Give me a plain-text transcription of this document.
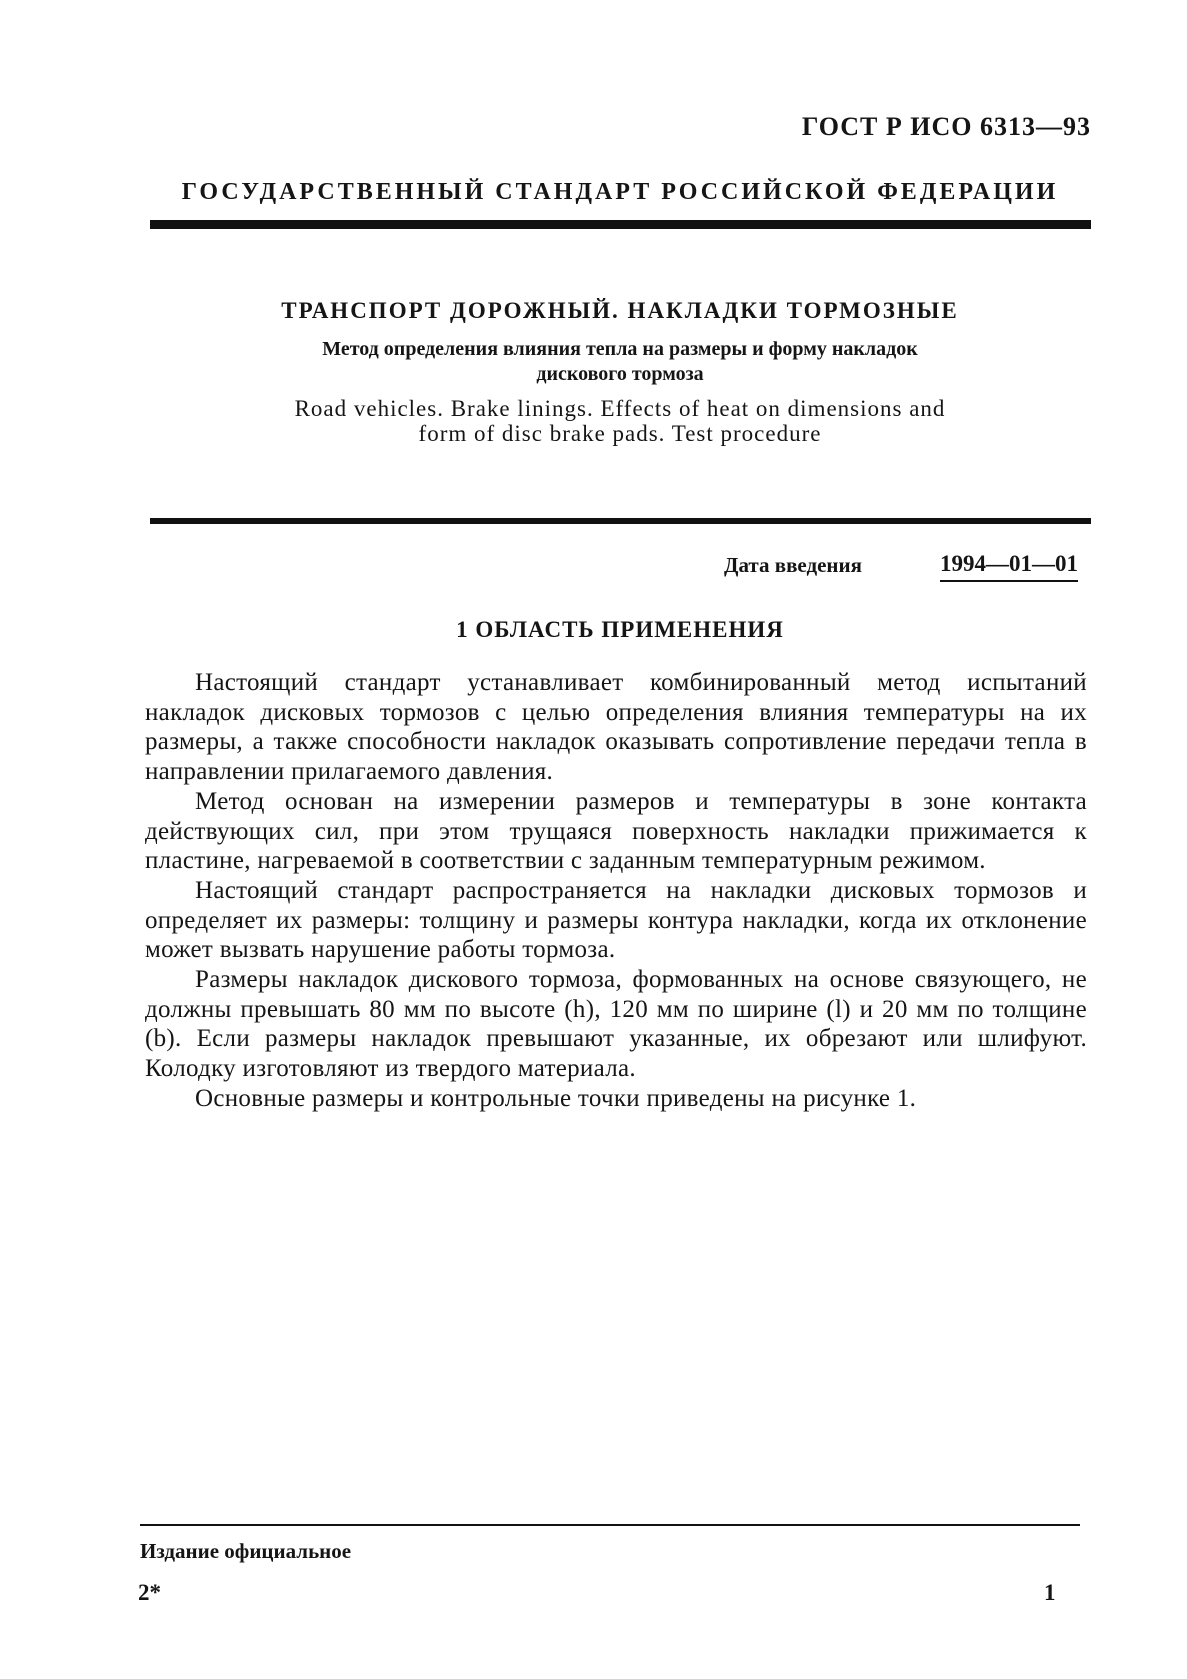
ГОСТ Р ИСО 6313—93
ГОСУДАРСТВЕННЫЙ СТАНДАРТ РОССИЙСКОЙ ФЕДЕРАЦИИ
ТРАНСПОРТ ДОРОЖНЫЙ. НАКЛАДКИ ТОРМОЗНЫЕ
Метод определения влияния тепла на размеры и форму накладок
дискового тормоза
Road vehicles. Brake linings. Effects of heat on dimensions and
form of disc brake pads. Test procedure
Дата введения	1994—01—01
1 ОБЛАСТЬ ПРИМЕНЕНИЯ

Настоящий стандарт устанавливает комбинированный метод испытаний накладок дисковых тормозов с целью определения влияния температуры на их размеры, а также способности накладок оказывать сопротивление передачи тепла в направлении прилагаемого давления.

Метод основан на измерении размеров и температуры в зоне контакта действующих сил, при этом трущаяся поверхность накладки прижимается к пластине, нагреваемой в соответствии с заданным температурным режимом.

Настоящий стандарт распространяется на накладки дисковых тормозов и определяет их размеры: толщину и размеры контура накладки, когда их отклонение может вызвать нарушение работы тормоза.

Размеры накладок дискового тормоза, формованных на основе связующего, не должны превышать 80 мм по высоте (h), 120 мм по ширине (l) и 20 мм по толщине (b). Если размеры накладок превышают указанные, их обрезают или шлифуют. Колодку изготовляют из твердого материала.

Основные размеры и контрольные точки приведены на рисунке 1.

Издание официальное
2*	1
